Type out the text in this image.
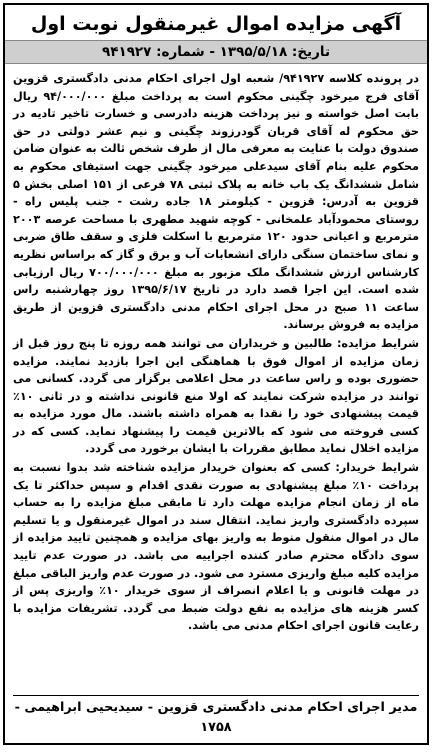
آگهی مزایده اموال غیرمنقول نوبت اول
تاریخ: ۱۳۹۵/۵/۱۸ - شماره: ۹۴۱۹۲۷

در پرونده کلاسه ۹۴۱۹۲۷/ شعبه اول اجرای احکام مدنی دادگستری قزوین آقای فرج میرخود چگینی محکوم است به پرداخت مبلغ ۹۴/۰۰۰/۰۰۰ ریال بابت اصل خواسته و نیز پرداخت هزینه دادرسی و خسارت تاخیر تادیه در حق محکوم له آقای قربان گودرزوند چگینی و نیم عشر دولتی در حق صندوق دولت با عنایت به معرفی مال از طرف شخص ثالث به عنوان ضامن محکوم علیه بنام آقای سیدعلی میرخود چگینی جهت استیفای محکوم به شامل ششدانگ یک باب خانه به پلاک ثبتی ۷۸ فرعی از ۱۵۱ اصلی بخش ۵ قزوین به آدرس: قزوین - کیلومتر ۱۸ جاده رشت - جنب پلیس راه - روستای محمودآباد علمخانی - کوچه شهید مطهری با مساحت عرصه ۲۰۰۳ مترمربع و اعیانی حدود ۱۲۰ مترمربع با اسکلت فلزی و سقف طاق ضربی و نمای ساختمان سنگی دارای انشعابات آب و برق و گاز که براساس نظریه کارشناس ارزش ششدانگ ملک مزبور به مبلغ ۷۰۰/۰۰۰/۰۰۰ ریال ارزیابی شده است. این اجرا قصد دارد در تاریخ ۱۳۹۵/۶/۱۷ روز چهارشنبه راس ساعت ۱۱ صبح در محل اجرای احکام مدنی دادگستری قزوین از طریق مزایده به فروش برساند.

شرایط مزایده: طالبین و خریداران می توانند همه روزه تا پنج روز قبل از زمان مزایده از اموال فوق با هماهنگی این اجرا بازدید نمایند. مزایده حضوری بوده و راس ساعت در محل اعلامی برگزار می گردد. کسانی می توانند در مزایده شرکت نمایند که اولا منع قانونی نداشته و در ثانی ۱۰٪ قیمت پیشنهادی خود را نقدا به همراه داشته باشند. مال مورد مزایده به کسی فروخته می شود که بالاترین قیمت را پیشنهاد نماید. کسی که در مزایده اخلال نماید مطابق مقررات با ایشان برخورد می گردد.

شرایط خریدار: کسی که بعنوان خریدار مزایده شناخته شد بدوا نسبت به پرداخت ۱۰٪ مبلغ پیشنهادی به صورت نقدی اقدام و سپس حداکثر تا یک ماه از زمان انجام مزایده مهلت دارد تا مابقی مبلغ مزایده را به حساب سپرده دادگستری واریز نماید. انتقال سند در اموال غیرمنقول و یا تسلیم مال در اموال منقول منوط به واریز بهای مزایده و همچنین تایید مزایده از سوی دادگاه محترم صادر کننده اجراییه می باشد. در صورت عدم تایید مزایده کلیه مبلغ واریزی مسترد می شود. در صورت عدم واریز الباقی مبلغ در مهلت قانونی و یا اعلام انصراف از سوی خریدار ۱۰٪ واریزی پس از کسر هزینه های مزایده به نفع دولت ضبط می گردد. تشریفات مزایده با رعایت قانون اجرای احکام مدنی می باشد.

مدیر اجرای احکام مدنی دادگستری قزوین - سیدیحیی ابراهیمی - ۱۷۵۸
